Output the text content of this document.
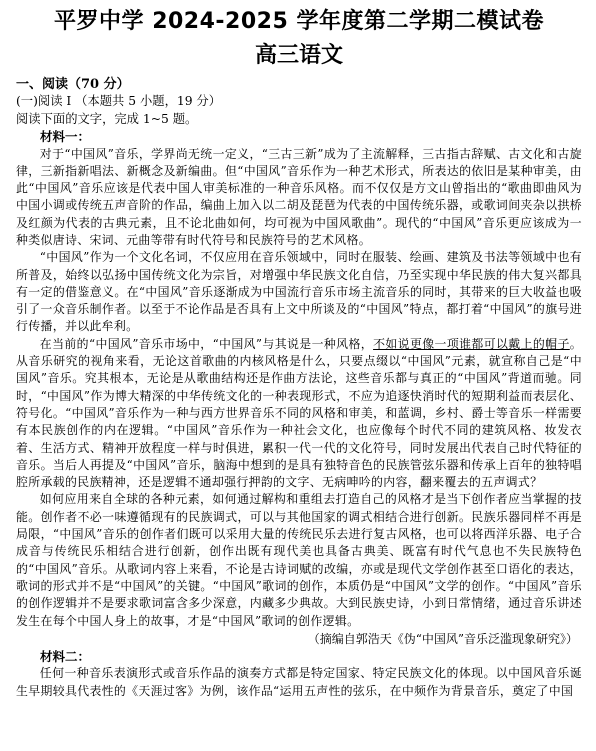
平罗中学 2024-2025 学年度第二学期二模试卷
高三语文
一、阅读（70 分）
(一)阅读 I （本题共 5 小题，19 分）
阅读下面的文字，完成 1~5 题。
材料一：

对于“中国风”音乐，学界尚无统一定义，“三古三新”成为了主流解释，三古指古辞赋、古文化和古旋律，三新指新唱法、新概念及新编曲。但“中国风”音乐作为一种艺术形式，所表达的依旧是某种审美，由此“中国风”音乐应该是代表中国人审美标准的一种音乐风格。而不仅仅是方文山曾指出的“歌曲即曲风为中国小调或传统五声音阶的作品，编曲上加入以二胡及琵琶为代表的中国传统乐器，或歌词间夹杂以拱桥及红颜为代表的古典元素，且不论北曲如何，均可视为中国风歌曲”。现代的“中国风”音乐更应该成为一种类似唐诗、宋词、元曲等带有时代符号和民族符号的艺术风格。

“中国风”作为一个文化名词，不仅应用在音乐领域中，同时在服装、绘画、建筑及书法等领域中也有所普及，始终以弘扬中国传统文化为宗旨，对增强中华民族文化自信，乃至实现中华民族的伟大复兴都具有一定的借鉴意义。在“中国风”音乐逐渐成为中国流行音乐市场主流音乐的同时，其带来的巨大收益也吸引了一众音乐制作者。以至于不论作品是否具有上文中所谈及的“中国风”特点，都打着“中国风”的旗号进行传播，并以此牟利。

在当前的“中国风”音乐市场中，“中国风”与其说是一种风格，不如说更像一项谁都可以戴上的帽子。从音乐研究的视角来看，无论这首歌曲的内核风格是什么，只要点缀以“中国风”元素，就宣称自己是“中国风”音乐。究其根本，无论是从歌曲结构还是作曲方法论，这些音乐都与真正的“中国风”背道而驰。同时，“中国风”作为博大精深的中华传统文化的一种表现形式，不应为追逐快消时代的短期利益而表层化、符号化。“中国风”音乐作为一种与西方世界音乐不同的风格和审美，和蓝调，乡村、爵士等音乐一样需要有本民族创作的内在逻辑。“中国风”音乐作为一种社会文化，也应像每个时代不同的建筑风格、妆发衣着、生活方式、精神开放程度一样与时俱进，累积一代一代的文化符号，同时发展出代表自己时代特征的音乐。当后人再提及“中国风”音乐，脑海中想到的是具有独特音色的民族管弦乐器和传承上百年的独特唱腔所承载的民族精神，还是逻辑不通却强行押韵的文字、无病呻吟的内容，翻来覆去的五声调式？

如何应用来自全球的各种元素，如何通过解构和重组去打造自己的风格才是当下创作者应当掌握的技能。创作者不必一味遵循现有的民族调式，可以与其他国家的调式相结合进行创新。民族乐器同样不再是局限，“中国风”音乐的创作者们既可以采用大量的传统民乐去进行复古风格，也可以将西洋乐器、电子合成音与传统民乐相结合进行创新，创作出既有现代美也具备古典美、既富有时代气息也不失民族特色的“中国风”音乐。从歌词内容上来看，不论是古诗词赋的改编，亦或是现代文学创作甚至口语化的表达，歌词的形式并不是“中国风”的关键。“中国风”歌词的创作，本质仍是“中国风”文学的创作。“中国风”音乐的创作逻辑并不是要求歌词富含多少深意，内藏多少典故。大到民族史诗，小到日常情绪，通过音乐讲述发生在每个中国人身上的故事，才是“中国风”歌词的创作逻辑。

（摘编自郭浩天《伪“中国风”音乐泛滥现象研究》）
材料二：

任何一种音乐表演形式或音乐作品的演奏方式都是特定国家、特定民族文化的体现。以中国风音乐诞生早期较具代表性的《天涯过客》为例，该作品“运用五声性的弦乐，在中频作为背景音乐，奠定了中国
